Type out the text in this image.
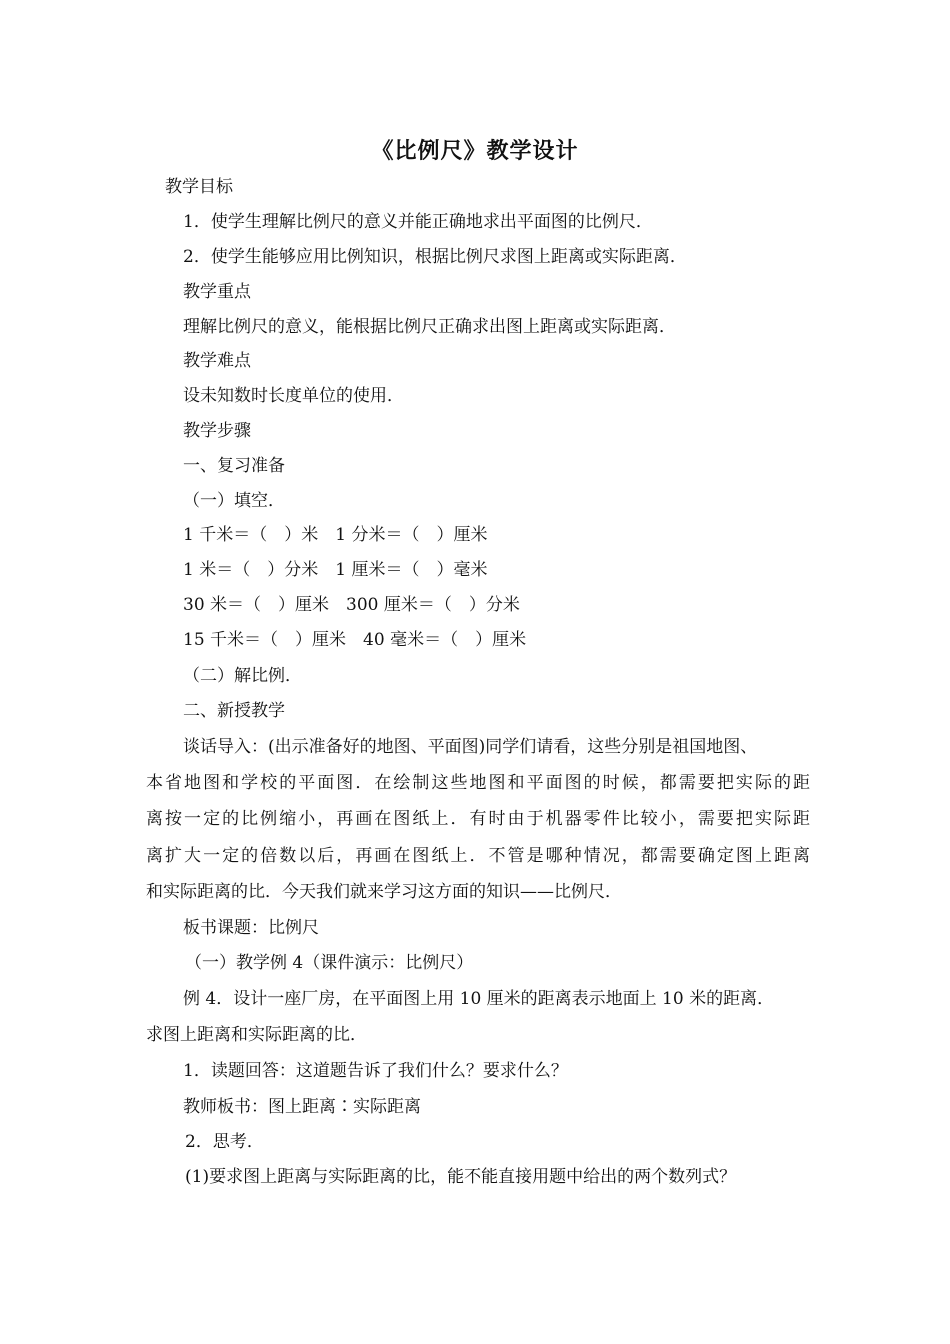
《比例尺》教学设计
教学目标
1．使学生理解比例尺的意义并能正确地求出平面图的比例尺．
2．使学生能够应用比例知识，根据比例尺求图上距离或实际距离．
教学重点
理解比例尺的意义，能根据比例尺正确求出图上距离或实际距离．
教学难点
设未知数时长度单位的使用．
教学步骤
一、复习准备
（一）填空．
1 千米＝（　）米　1 分米＝（　）厘米
1 米＝（　）分米　1 厘米＝（　）毫米
30 米＝（　）厘米　300 厘米＝（　）分米
15 千米＝（　）厘米　40 毫米＝（　）厘米
（二）解比例．
二、新授教学
谈话导入：(出示准备好的地图、平面图)同学们请看，这些分别是祖国地图、
本省地图和学校的平面图．在绘制这些地图和平面图的时候，都需要把实际的距
离按一定的比例缩小，再画在图纸上．有时由于机器零件比较小，需要把实际距
离扩大一定的倍数以后，再画在图纸上．不管是哪种情况，都需要确定图上距离
和实际距离的比．今天我们就来学习这方面的知识——比例尺．
板书课题：比例尺
（一）教学例 4（课件演示：比例尺）
例 4．设计一座厂房，在平面图上用 10 厘米的距离表示地面上 10 米的距离．
求图上距离和实际距离的比．
1．读题回答：这道题告诉了我们什么？要求什么？
教师板书：图上距离∶实际距离
2．思考．
(1)要求图上距离与实际距离的比，能不能直接用题中给出的两个数列式？
